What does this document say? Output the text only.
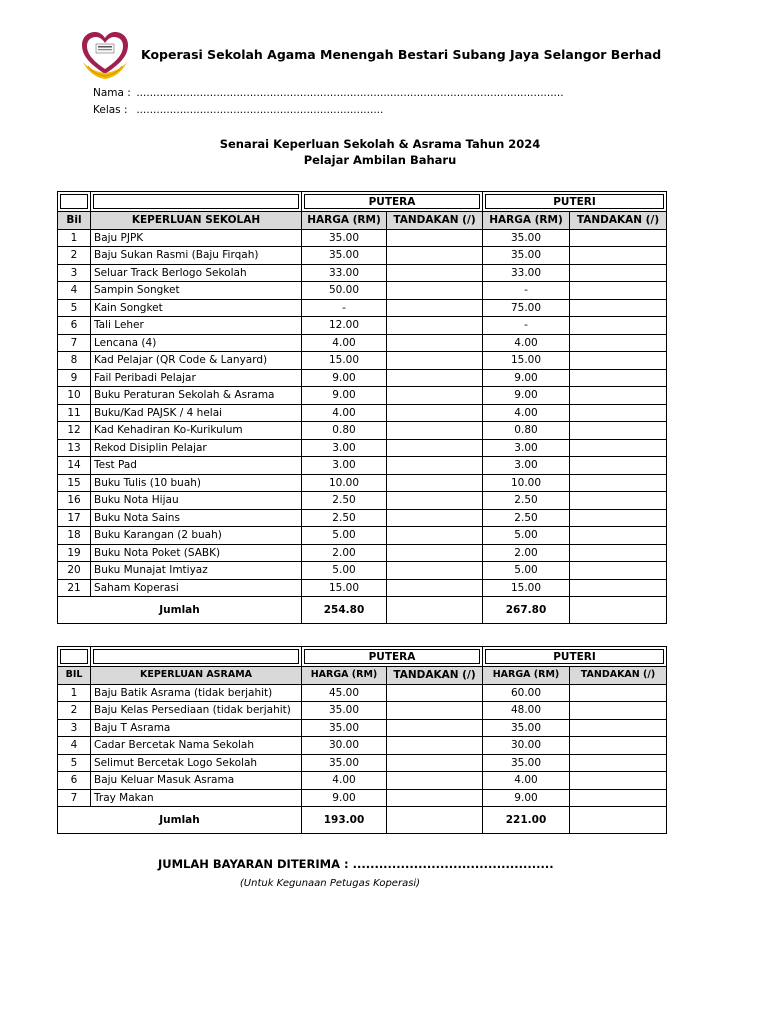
Koperasi Sekolah Agama Menengah Bestari Subang Jaya Selangor Berhad
Nama : ................................................................................................................................
Kelas : ..........................................................................
Senarai Keperluan Sekolah & Asrama Tahun 2024
Pelajar Ambilan Baharu
		PUTERA		PUTERI	
Bil	KEPERLUAN SEKOLAH	HARGA (RM)	TANDAKAN (/)	HARGA (RM)	TANDAKAN (/)
1	Baju PJPK	35.00		35.00	
2	Baju Sukan Rasmi (Baju Firqah)	35.00		35.00	
3	Seluar Track Berlogo Sekolah	33.00		33.00	
4	Sampin Songket	50.00		-	
5	Kain Songket	-		75.00	
6	Tali Leher	12.00		-	
7	Lencana (4)	4.00		4.00	
8	Kad Pelajar (QR Code & Lanyard)	15.00		15.00	
9	Fail Peribadi Pelajar	9.00		9.00	
10	Buku Peraturan Sekolah & Asrama	9.00		9.00	
11	Buku/Kad PAJSK / 4 helai	4.00		4.00	
12	Kad Kehadiran Ko-Kurikulum	0.80		0.80	
13	Rekod Disiplin Pelajar	3.00		3.00	
14	Test Pad	3.00		3.00	
15	Buku Tulis (10 buah)	10.00		10.00	
16	Buku Nota Hijau	2.50		2.50	
17	Buku Nota Sains	2.50		2.50	
18	Buku Karangan (2 buah)	5.00		5.00	
19	Buku Nota Poket (SABK)	2.00		2.00	
20	Buku Munajat Imtiyaz	5.00		5.00	
21	Saham Koperasi	15.00		15.00	
Jumlah		254.80		267.80	
		PUTERA		PUTERI	
BIL	KEPERLUAN ASRAMA	HARGA (RM)	TANDAKAN (/)	HARGA (RM)	TANDAKAN (/)
1	Baju Batik Asrama (tidak berjahit)	45.00		60.00	
2	Baju Kelas Persediaan (tidak berjahit)	35.00		48.00	
3	Baju T Asrama	35.00		35.00	
4	Cadar Bercetak Nama Sekolah	30.00		30.00	
5	Selimut Bercetak Logo Sekolah	35.00		35.00	
6	Baju Keluar Masuk Asrama	4.00		4.00	
7	Tray Makan	9.00		9.00	
Jumlah		193.00		221.00	
JUMLAH BAYARAN DITERIMA : ..............................................
(Untuk Kegunaan Petugas Koperasi)
